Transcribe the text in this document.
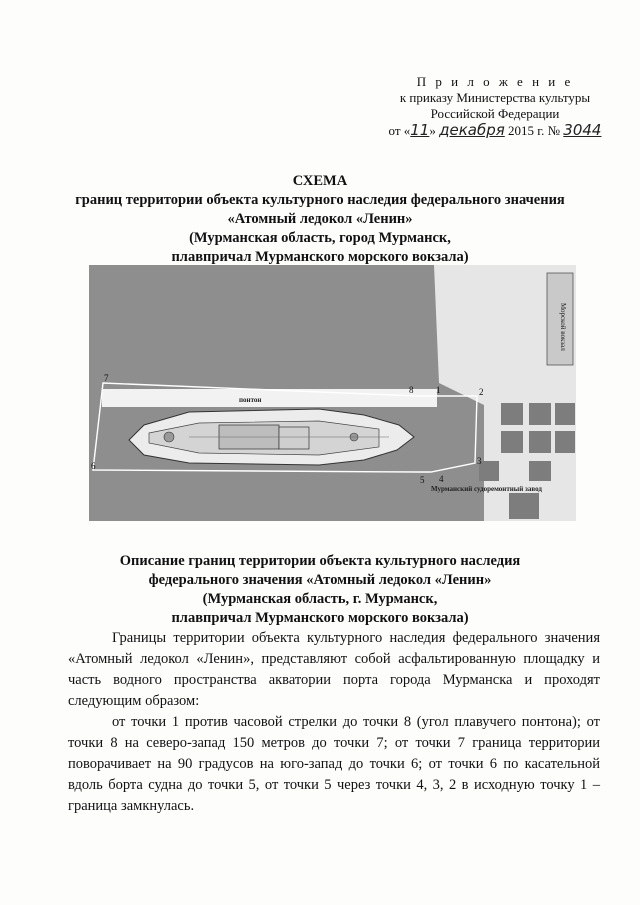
П р и л о ж е н и е
к приказу Министерства культуры
Российской Федерации
от «11» декабря 2015 г. № 3044
СХЕМА
границ территории объекта культурного наследия федерального значения
«Атомный ледокол «Ленин»
(Мурманская область, город Мурманск,
плавпричал Мурманского морского вокзала)
понтон
Морской вокзал
Мурманский судоремонтный завод
1	2
3
4
5
6
7
8
Описание границ территории объекта культурного наследия
федерального значения «Атомный ледокол «Ленин»
(Мурманская область, г. Мурманск,
плавпричал Мурманского морского вокзала)

Границы территории объекта культурного наследия федерального значения «Атомный ледокол «Ленин», представляют собой асфальтированную площадку и часть водного пространства акватории порта города Мурманска и проходят следующим образом:

от точки 1 против часовой стрелки до точки 8 (угол плавучего понтона); от точки 8 на северо-запад 150 метров до точки 7; от точки 7 граница территории поворачивает на 90 градусов на юго-запад до точки 6; от точки 6 по касательной вдоль борта судна до точки 5, от точки 5 через точки 4, 3, 2 в исходную точку 1 – граница замкнулась.
